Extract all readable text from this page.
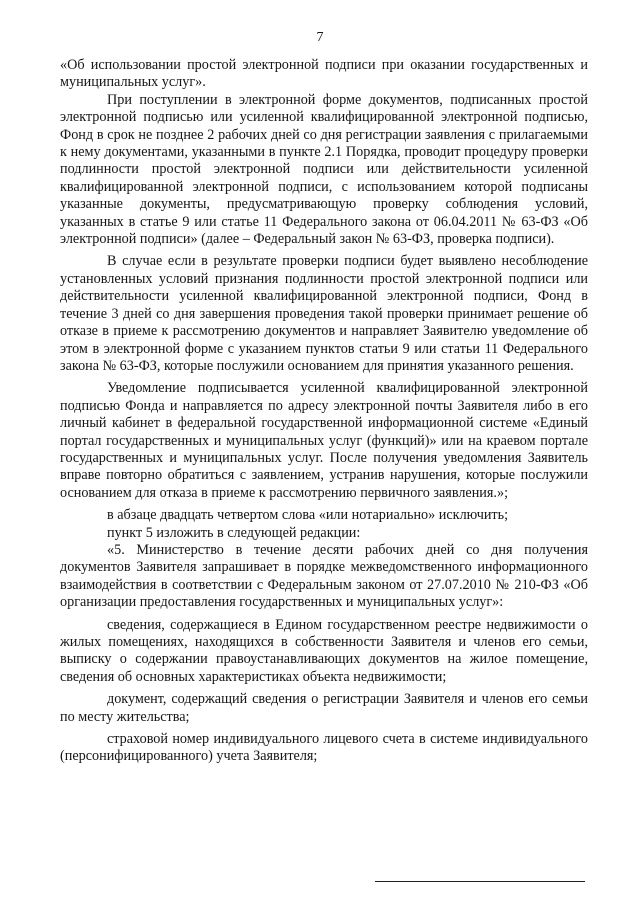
7

«Об использовании простой электронной подписи при оказании государственных и муниципальных услуг».

При поступлении в электронной форме документов, подписанных простой электронной подписью или усиленной квалифицированной электронной подписью, Фонд в срок не позднее 2 рабочих дней со дня регистрации заявления с прилагаемыми к нему документами, указанными в пункте 2.1 Порядка, проводит процедуру проверки подлинности простой электронной подписи или действительности усиленной квалифицированной электронной подписи, с использованием которой подписаны указанные документы, предусматривающую проверку соблюдения условий, указанных в статье 9 или статье 11 Федерального закона от 06.04.2011 № 63-ФЗ «Об электронной подписи» (далее – Федеральный закон № 63-ФЗ, проверка подписи).

В случае если в результате проверки подписи будет выявлено несоблюдение установленных условий признания подлинности простой электронной подписи или действительности усиленной квалифицированной электронной подписи, Фонд в течение 3 дней со дня завершения проведения такой проверки принимает решение об отказе в приеме к рассмотрению документов и направляет Заявителю уведомление об этом в электронной форме с указанием пунктов статьи 9 или статьи 11 Федерального закона № 63-ФЗ, которые послужили основанием для принятия указанного решения.

Уведомление подписывается усиленной квалифицированной электронной подписью Фонда и направляется по адресу электронной почты Заявителя либо в его личный кабинет в федеральной государственной информационной системе «Единый портал государственных и муниципальных услуг (функций)» или на краевом портале государственных и муниципальных услуг. После получения уведомления Заявитель вправе повторно обратиться с заявлением, устранив нарушения, которые послужили основанием для отказа в приеме к рассмотрению первичного заявления.»;

в абзаце двадцать четвертом слова «или нотариально» исключить;

пункт 5 изложить в следующей редакции:

«5. Министерство в течение десяти рабочих дней со дня получения документов Заявителя запрашивает в порядке межведомственного информационного взаимодействия в соответствии с Федеральным законом от 27.07.2010 № 210-ФЗ «Об организации предоставления государственных и муниципальных услуг»:

сведения, содержащиеся в Едином государственном реестре недвижимости о жилых помещениях, находящихся в собственности Заявителя и членов его семьи, выписку о содержании правоустанавливающих документов на жилое помещение, сведения об основных характеристиках объекта недвижимости;

документ, содержащий сведения о регистрации Заявителя и членов его семьи по месту жительства;

страховой номер индивидуального лицевого счета в системе индивидуального (персонифицированного) учета Заявителя;
